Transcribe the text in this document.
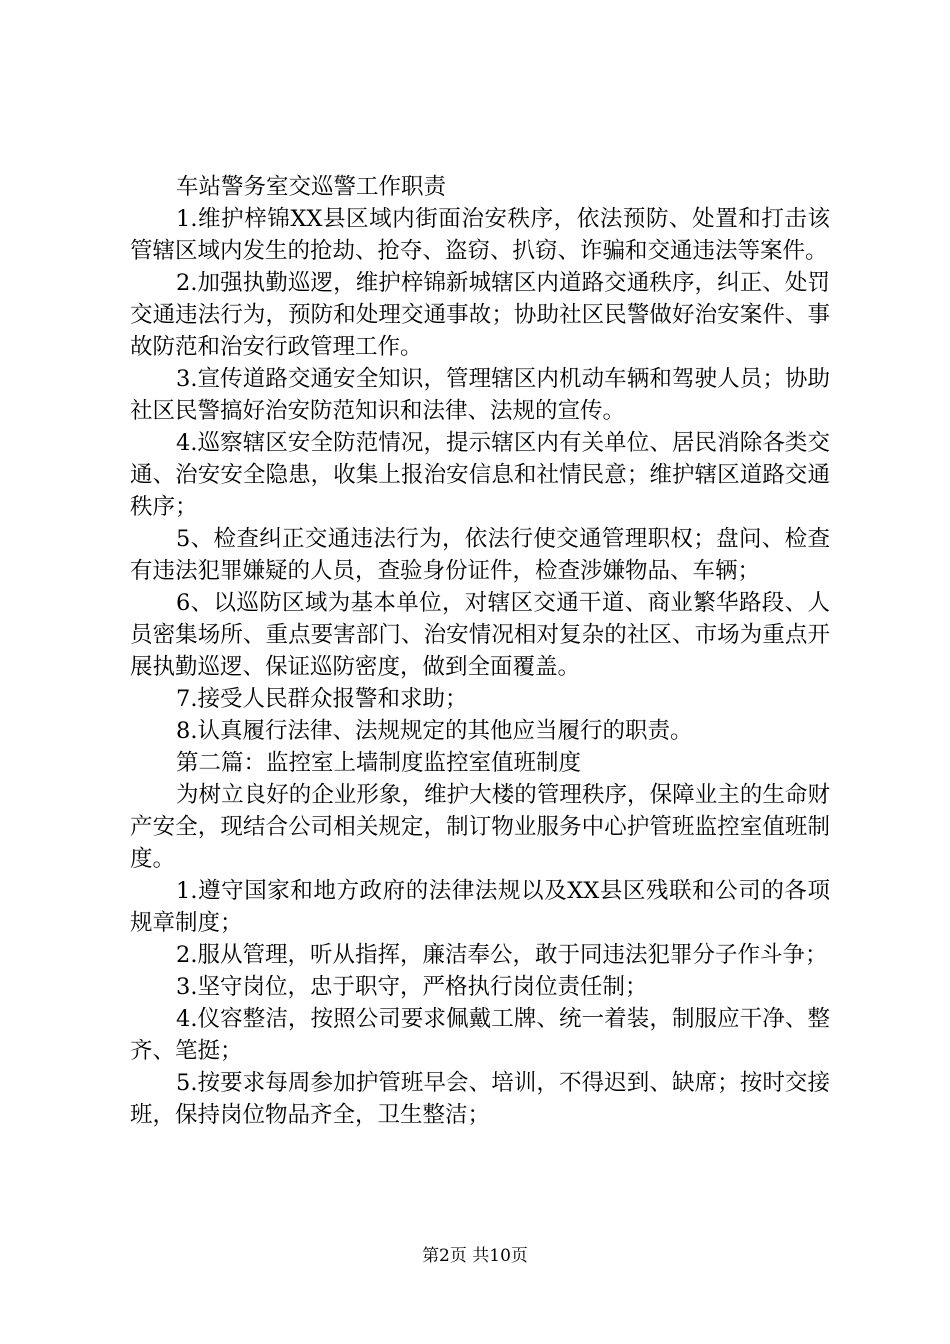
车站警务室交巡警工作职责

1.维护梓锦XX县区域内街面治安秩序，依法预防、处置和打击该管辖区域内发生的抢劫、抢夺、盗窃、扒窃、诈骗和交通违法等案件。

2.加强执勤巡逻，维护梓锦新城辖区内道路交通秩序，纠正、处罚交通违法行为，预防和处理交通事故；协助社区民警做好治安案件、事故防范和治安行政管理工作。

3.宣传道路交通安全知识，管理辖区内机动车辆和驾驶人员；协助社区民警搞好治安防范知识和法律、法规的宣传。

4.巡察辖区安全防范情况，提示辖区内有关单位、居民消除各类交通、治安安全隐患，收集上报治安信息和社情民意；维护辖区道路交通秩序；

5、检查纠正交通违法行为，依法行使交通管理职权；盘问、检查有违法犯罪嫌疑的人员，查验身份证件，检查涉嫌物品、车辆；

6、以巡防区域为基本单位，对辖区交通干道、商业繁华路段、人员密集场所、重点要害部门、治安情况相对复杂的社区、市场为重点开展执勤巡逻、保证巡防密度，做到全面覆盖。

7.接受人民群众报警和求助；

8.认真履行法律、法规规定的其他应当履行的职责。

第二篇：监控室上墙制度监控室值班制度

为树立良好的企业形象，维护大楼的管理秩序，保障业主的生命财产安全，现结合公司相关规定，制订物业服务中心护管班监控室值班制度。

1.遵守国家和地方政府的法律法规以及XX县区残联和公司的各项规章制度；

2.服从管理，听从指挥，廉洁奉公，敢于同违法犯罪分子作斗争；

3.坚守岗位，忠于职守，严格执行岗位责任制；

4.仪容整洁，按照公司要求佩戴工牌、统一着装，制服应干净、整齐、笔挺；

5.按要求每周参加护管班早会、培训，不得迟到、缺席；按时交接班，保持岗位物品齐全，卫生整洁；

第2页 共10页
